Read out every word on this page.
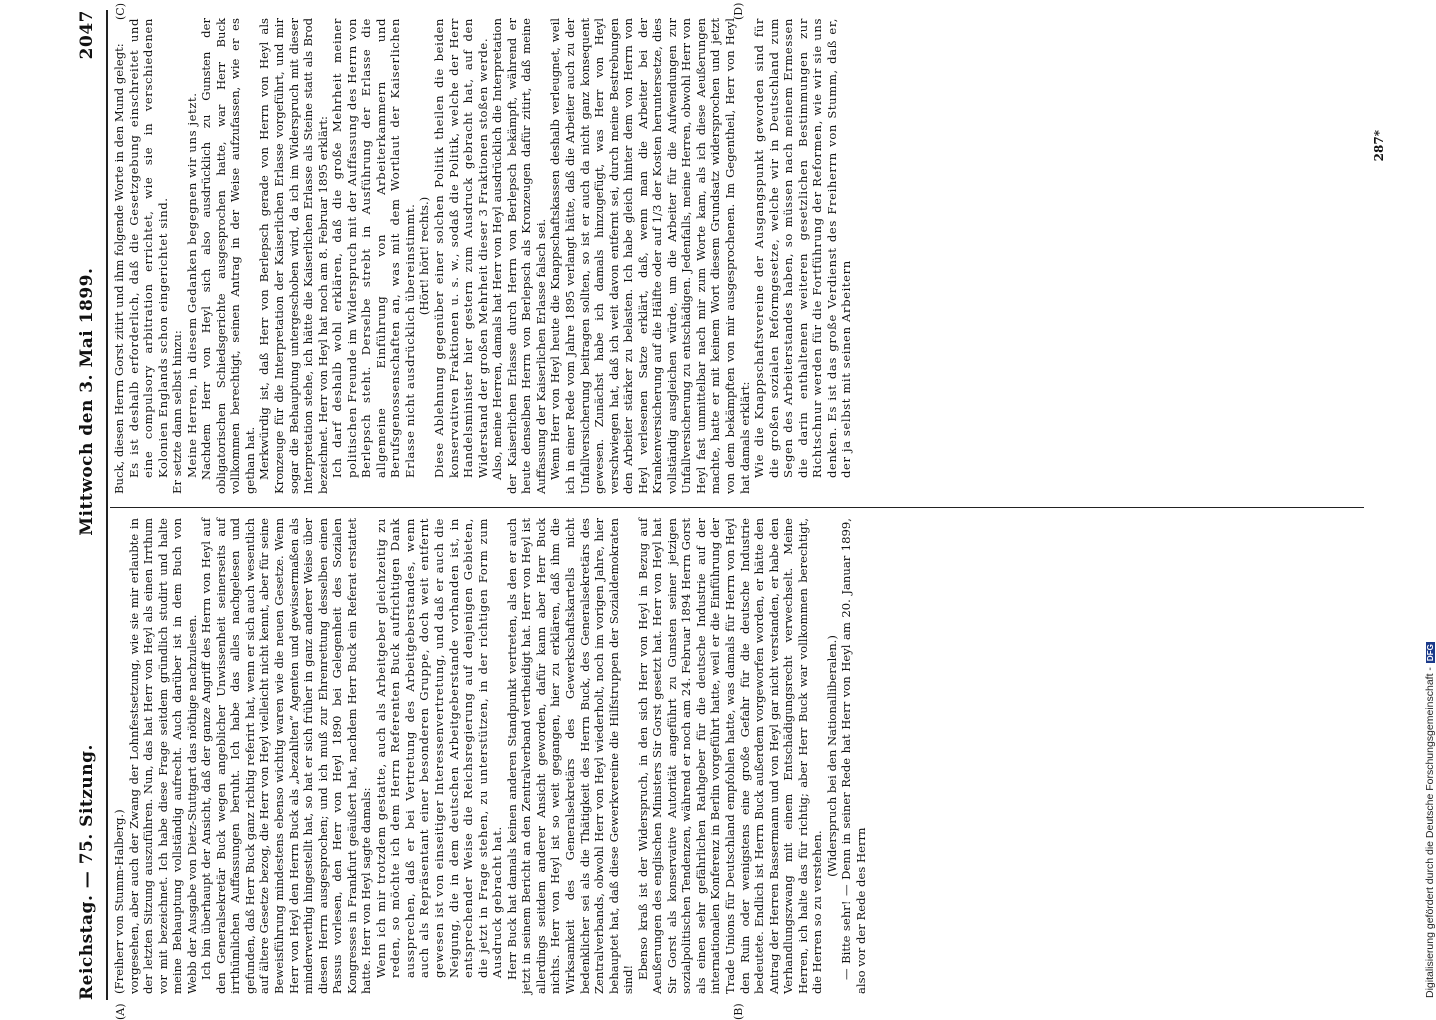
Reichstag. — 75. Sitzung.
Mittwoch den 3. Mai 1899.
2047
(A)	(B)
(C)	(D)

(Freiherr von Stumm-Halberg.) vorgesehen, aber auch der Zwang der Lohnfestsetzung, wie sie mir erlaubte in der letzten Sitzung auszuführen. Nun, das hat Herr von Heyl als einen Irrthum vor mit bezeichnet. Ich habe diese Frage seitdem gründlich studirt und halte meine Behauptung vollständig aufrecht. Auch darüber ist in dem Buch von Webb der Ausgabe von Dietz-Stuttgart das nöthige nachzulesen. Ich bin überhaupt der Ansicht, daß der ganze Angriff des Herrn von Heyl auf den Generalsekretär Buck wegen angeblicher Unwissenheit seinerseits auf irrthümlichen Auffassungen beruht. Ich habe das alles nachgelesen und gefunden, daß Herr Buck ganz richtig referirt hat, wenn er sich auch wesentlich auf ältere Gesetze bezog, die Herr von Heyl vielleicht nicht kennt, aber für seine Beweisführung mindestens ebenso wichtig waren wie die neuen Gesetze. Wenn Herr von Heyl den Herrn Buck als „bezahlten“ Agenten und gewissermaßen als minderwerthig hingestellt hat, so hat er sich früher in ganz anderer Weise über diesen Herrn ausgesprochen; und ich muß zur Ehrenrettung desselben einen Passus vorlesen, den Herr von Heyl 1890 bei Gelegenheit des Sozialen Kongresses in Frankfurt geäußert hat, nachdem Herr Buck ein Referat erstattet hatte. Herr von Heyl sagte damals: Wenn ich mir trotzdem gestatte, auch als Arbeitgeber gleichzeitig zu reden, so möchte ich dem Herrn Referenten Buck aufrichtigen Dank aussprechen, daß er bei Vertretung des Arbeitgeberstandes, wenn auch als Repräsentant einer besonderen Gruppe, doch weit entfernt gewesen ist von einseitiger Interessenvertretung, und daß er auch die Neigung, die in dem deutschen Arbeitgeberstande vorhanden ist, in entsprechender Weise die Reichsregierung auf denjenigen Gebieten, die jetzt in Frage stehen, zu unterstützen, in der richtigen Form zum Ausdruck gebracht hat. Herr Buck hat damals keinen anderen Standpunkt vertreten, als den er auch jetzt in seinem Bericht an den Zentralverband vertheidigt hat. Herr von Heyl ist allerdings seitdem anderer Ansicht geworden, dafür kann aber Herr Buck nichts. Herr von Heyl ist so weit gegangen, hier zu erklären, daß ihm die Wirksamkeit des Generalsekretärs des Gewerkschaftskartells nicht bedenklicher sei als die Thätigkeit des Herrn Buck, des Generalsekretärs des Zentralverbands, obwohl Herr von Heyl wiederholt, noch im vorigen Jahre, hier behauptet hat, daß diese Gewerkvereine die Hilfstruppen der Sozialdemokraten sind! Ebenso kraß ist der Widerspruch, in den sich Herr von Heyl in Bezug auf Aeußerungen des englischen Ministers Sir Gorst gesetzt hat. Herr von Heyl hat Sir Gorst als konservative Autorität angeführt zu Gunsten seiner jetzigen sozialpolitischen Tendenzen, während er noch am 24. Februar 1894 Herrn Gorst als einen sehr gefährlichen Rathgeber für die deutsche Industrie auf der internationalen Konferenz in Berlin vorgeführt hatte, weil er die Einführung der Trade Unions für Deutschland empfohlen hatte, was damals für Herrn von Heyl den Ruin oder wenigstens eine große Gefahr für die deutsche Industrie bedeutete. Endlich ist Herrn Buck außerdem vorgeworfen worden, er hätte den Antrag der Herren Bassermann und von Heyl gar nicht verstanden, er habe den Verhandlungszwang mit einem Entschädigungsrecht verwechselt. Meine Herren, ich halte das für richtig; aber Herr Buck war vollkommen berechtigt, die Herren so zu verstehen.

(Widerspruch bei den Nationalliberalen.) — Bitte sehr! — Denn in seiner Rede hat Herr von Heyl am 20. Januar 1899, also vor der Rede des Herrn

Buck, diesen Herrn Gorst zitirt und ihm folgende Worte in den Mund gelegt: Es ist deshalb erforderlich, daß die Gesetzgebung einschreitet und eine compulsory arbitration errichtet, wie sie in verschiedenen Kolonien Englands schon eingerichtet sind. Er setzte dann selbst hinzu: Meine Herren, in diesem Gedanken begegnen wir uns jetzt. Nachdem Herr von Heyl sich also ausdrücklich zu Gunsten der obligatorischen Schiedsgerichte ausgesprochen hatte, war Herr Buck vollkommen berechtigt, seinen Antrag in der Weise aufzufassen, wie er es gethan hat. Merkwürdig ist, daß Herr von Berlepsch gerade von Herrn von Heyl als Kronzeuge für die Interpretation der Kaiserlichen Erlasse vorgeführt, und mir sogar die Behauptung untergeschoben wird, da ich im Widerspruch mit dieser Interpretation stehe, ich hätte die Kaiserlichen Erlasse als Steine statt als Brod bezeichnet. Herr von Heyl hat noch am 8. Februar 1895 erklärt: Ich darf deshalb wohl erklären, daß die große Mehrheit meiner politischen Freunde im Widerspruch mit der Auffassung des Herrn von Berlepsch steht. Derselbe strebt in Ausführung der Erlasse die allgemeine Einführung von Arbeiterkammern und Berufsgenossenschaften an, was mit dem Wortlaut der Kaiserlichen Erlasse nicht ausdrücklich übereinstimmt. (Hört! hört! rechts.) Diese Ablehnung gegenüber einer solchen Politik theilen die beiden konservativen Fraktionen u. s. w., sodaß die Politik, welche der Herr Handelsminister hier gestern zum Ausdruck gebracht hat, auf den Widerstand der großen Mehrheit dieser 3 Fraktionen stoßen werde. Also, meine Herren, damals hat Herr von Heyl ausdrücklich die Interpretation der Kaiserlichen Erlasse durch Herrn von Berlepsch bekämpft, während er heute denselben Herrn von Berlepsch als Kronzeugen dafür zitirt, daß meine Auffassung der Kaiserlichen Erlasse falsch sei. Wenn Herr von Heyl heute die Knappschaftskassen deshalb verleugnet, weil ich in einer Rede vom Jahre 1895 verlangt hätte, daß die Arbeiter auch zu der Unfallversicherung beitragen sollten, so ist er auch da nicht ganz konsequent gewesen. Zunächst habe ich damals hinzugefügt, was Herr von Heyl verschwiegen hat, daß ich weit davon entfernt sei, durch meine Bestrebungen den Arbeiter stärker zu belasten. Ich habe gleich hinter dem von Herrn von Heyl verlesenen Satze erklärt, daß, wenn man die Arbeiter bei der Krankenversicherung auf die Hälfte oder auf 1/3 der Kosten heruntersetze, dies vollständig ausgleichen würde, um die Arbeiter für die Aufwendungen zur Unfallversicherung zu entschädigen. Jedenfalls, meine Herren, obwohl Herr von Heyl fast unmittelbar nach mir zum Worte kam, als ich diese Aeußerungen machte, hatte er mit keinem Wort diesem Grundsatz widersprochen und jetzt von dem bekämpften von mir ausgesprochenen. Im Gegentheil, Herr von Heyl hat damals erklärt: Wie die Knappschaftsvereine der Ausgangspunkt geworden sind für die großen sozialen Reformgesetze, welche wir in Deutschland zum Segen des Arbeiterstandes haben, so müssen nach meinem Ermessen die darin enthaltenen weiteren gesetzlichen Bestimmungen zur Richtschnur werden für die Fortführung der Reformen, wie wir sie uns denken. Es ist das große Verdienst des Freiherrn von Stumm, daß er, der ja selbst mit seinen Arbeitern

287*
Digitalisierung gefördert durch die Deutsche Forschungsgemeinschaft -
DFG
